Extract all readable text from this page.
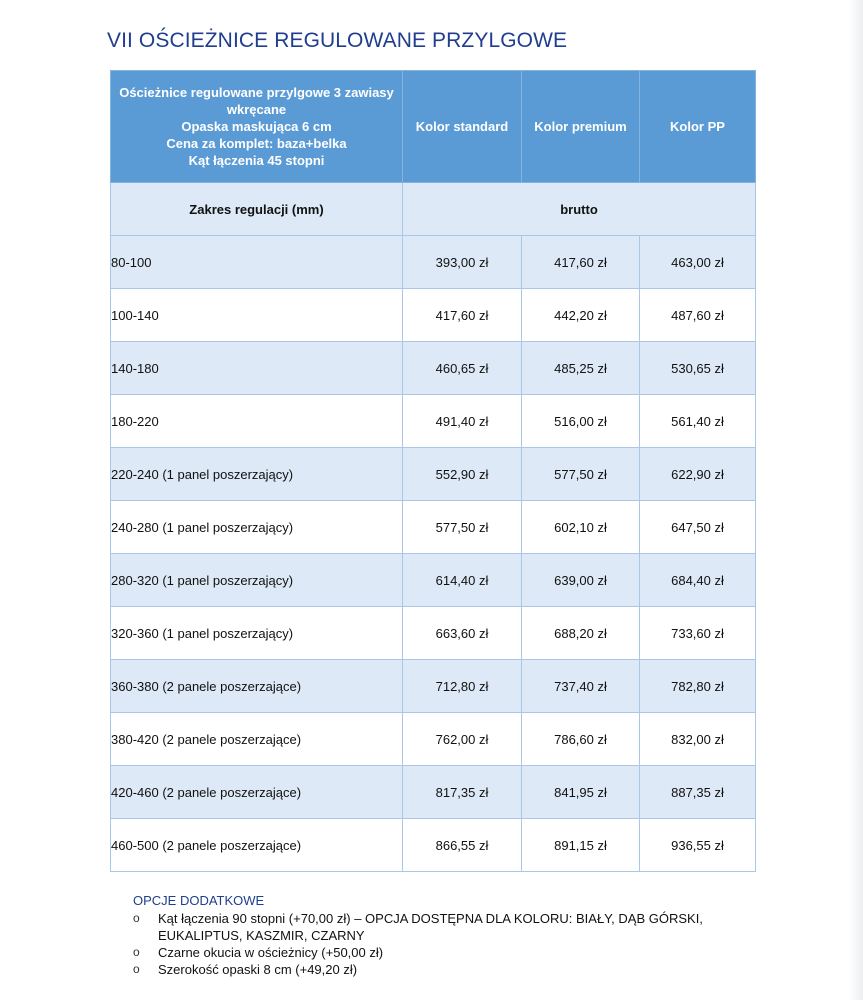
VII OŚCIEŻNICE REGULOWANE PRZYLGOWE
Ościeżnice regulowane przylgowe 3 zawiasy
wkręcane
Opaska maskująca 6 cm
Cena za komplet: baza+belka
Kąt łączenia 45 stopni	Kolor standard	Kolor premium	Kolor PP
Zakres regulacji (mm)	brutto		
80-100	393,00 zł	417,60 zł	463,00 zł
100-140	417,60 zł	442,20 zł	487,60 zł
140-180	460,65 zł	485,25 zł	530,65 zł
180-220	491,40 zł	516,00 zł	561,40 zł
220-240 (1 panel poszerzający)	552,90 zł	577,50 zł	622,90 zł
240-280 (1 panel poszerzający)	577,50 zł	602,10 zł	647,50 zł
280-320 (1 panel poszerzający)	614,40 zł	639,00 zł	684,40 zł
320-360 (1 panel poszerzający)	663,60 zł	688,20 zł	733,60 zł
360-380 (2 panele poszerzające)	712,80 zł	737,40 zł	782,80 zł
380-420 (2 panele poszerzające)	762,00 zł	786,60 zł	832,00 zł
420-460 (2 panele poszerzające)	817,35 zł	841,95 zł	887,35 zł
460-500 (2 panele poszerzające)	866,55 zł	891,15 zł	936,55 zł
OPCJE DODATKOWE
o Kąt łączenia 90 stopni (+70,00 zł) – OPCJA DOSTĘPNA DLA KOLORU: BIAŁY, DĄB GÓRSKI, EUKALIPTUS, KASZMIR, CZARNY
o Czarne okucia w ościeżnicy (+50,00 zł)
o Szerokość opaski 8 cm (+49,20 zł)
